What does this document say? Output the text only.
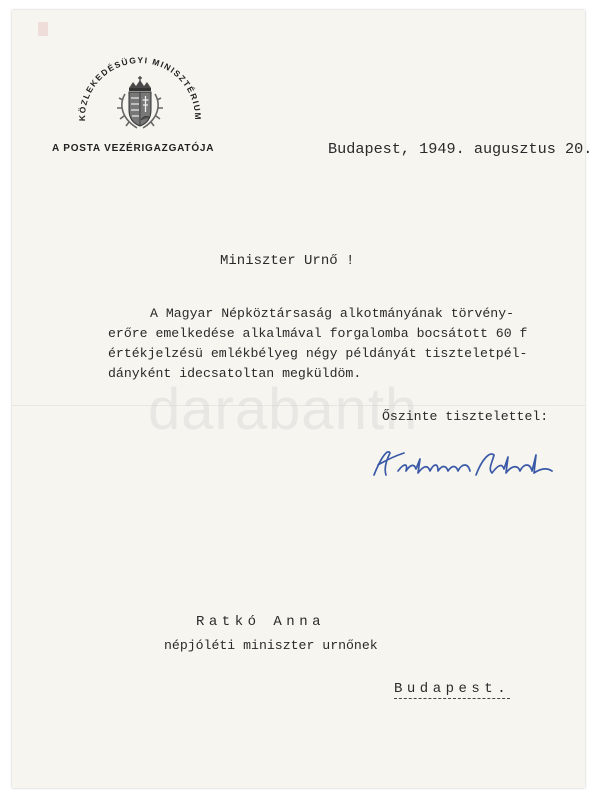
KÖZLEKEDÉSÜGYI MINISZTÉRIUM
A POSTA VEZÉRIGAZGATÓJA	Budapest, 1949. augusztus 20.
Miniszter Urnő !
A Magyar Népköztársaság alkotmányának törvény-
erőre emelkedése alkalmával forgalomba bocsátott 60 f
értékjelzésü emlékbélyeg négy példányát tiszteletpél-
dányként idecsatoltan megküldöm.
darabanth
Őszinte tisztelettel:
Ratkó Anna
népjóléti miniszter urnőnek
Budapest.
